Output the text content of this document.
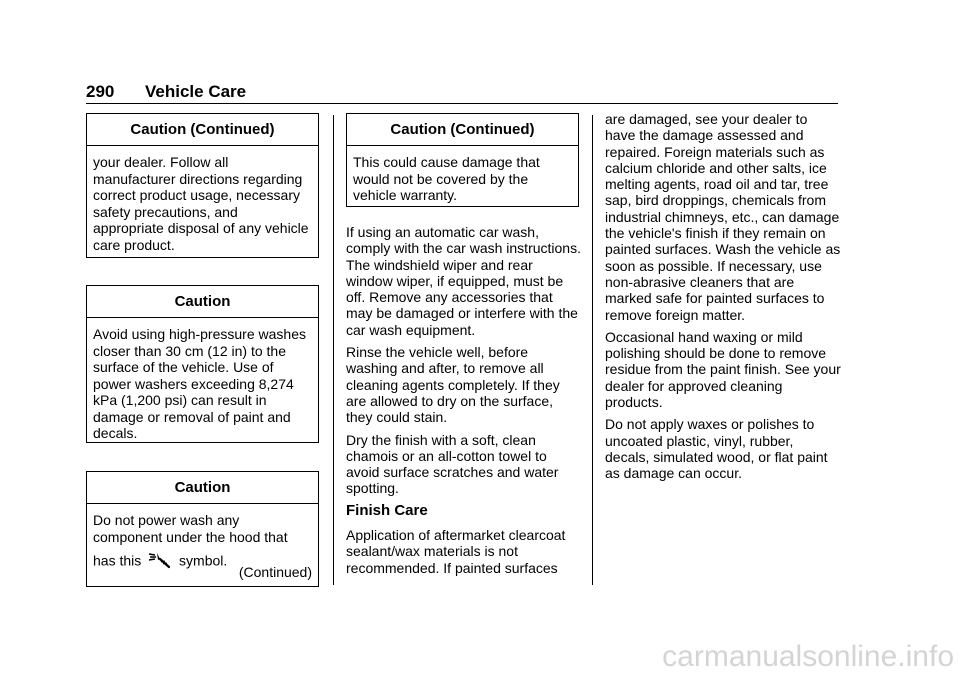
290 Vehicle Care
Caution (Continued)
your dealer. Follow all manufacturer directions regarding correct product usage, necessary safety precautions, and appropriate disposal of any vehicle care product.
Caution
Avoid using high-pressure washes closer than 30 cm (12 in) to the surface of the vehicle. Use of power washers exceeding 8,274 kPa (1,200 psi) can result in damage or removal of paint and decals.
Caution
Do not power wash any component under the hood that
has this	symbol.
(Continued)
Caution (Continued)
This could cause damage that would not be covered by the vehicle warranty.

If using an automatic car wash, comply with the car wash instructions. The windshield wiper and rear window wiper, if equipped, must be off. Remove any accessories that may be damaged or interfere with the car wash equipment.

Rinse the vehicle well, before washing and after, to remove all cleaning agents completely. If they are allowed to dry on the surface, they could stain.

Dry the finish with a soft, clean chamois or an all-cotton towel to avoid surface scratches and water spotting.

Finish Care

Application of aftermarket clearcoat sealant/wax materials is not recommended. If painted surfaces

are damaged, see your dealer to have the damage assessed and repaired. Foreign materials such as calcium chloride and other salts, ice melting agents, road oil and tar, tree sap, bird droppings, chemicals from industrial chimneys, etc., can damage the vehicle's finish if they remain on painted surfaces. Wash the vehicle as soon as possible. If necessary, use non-abrasive cleaners that are marked safe for painted surfaces to remove foreign matter.

Occasional hand waxing or mild polishing should be done to remove residue from the paint finish. See your dealer for approved cleaning products.

Do not apply waxes or polishes to uncoated plastic, vinyl, rubber, decals, simulated wood, or flat paint as damage can occur.

carmanualsonline.info
